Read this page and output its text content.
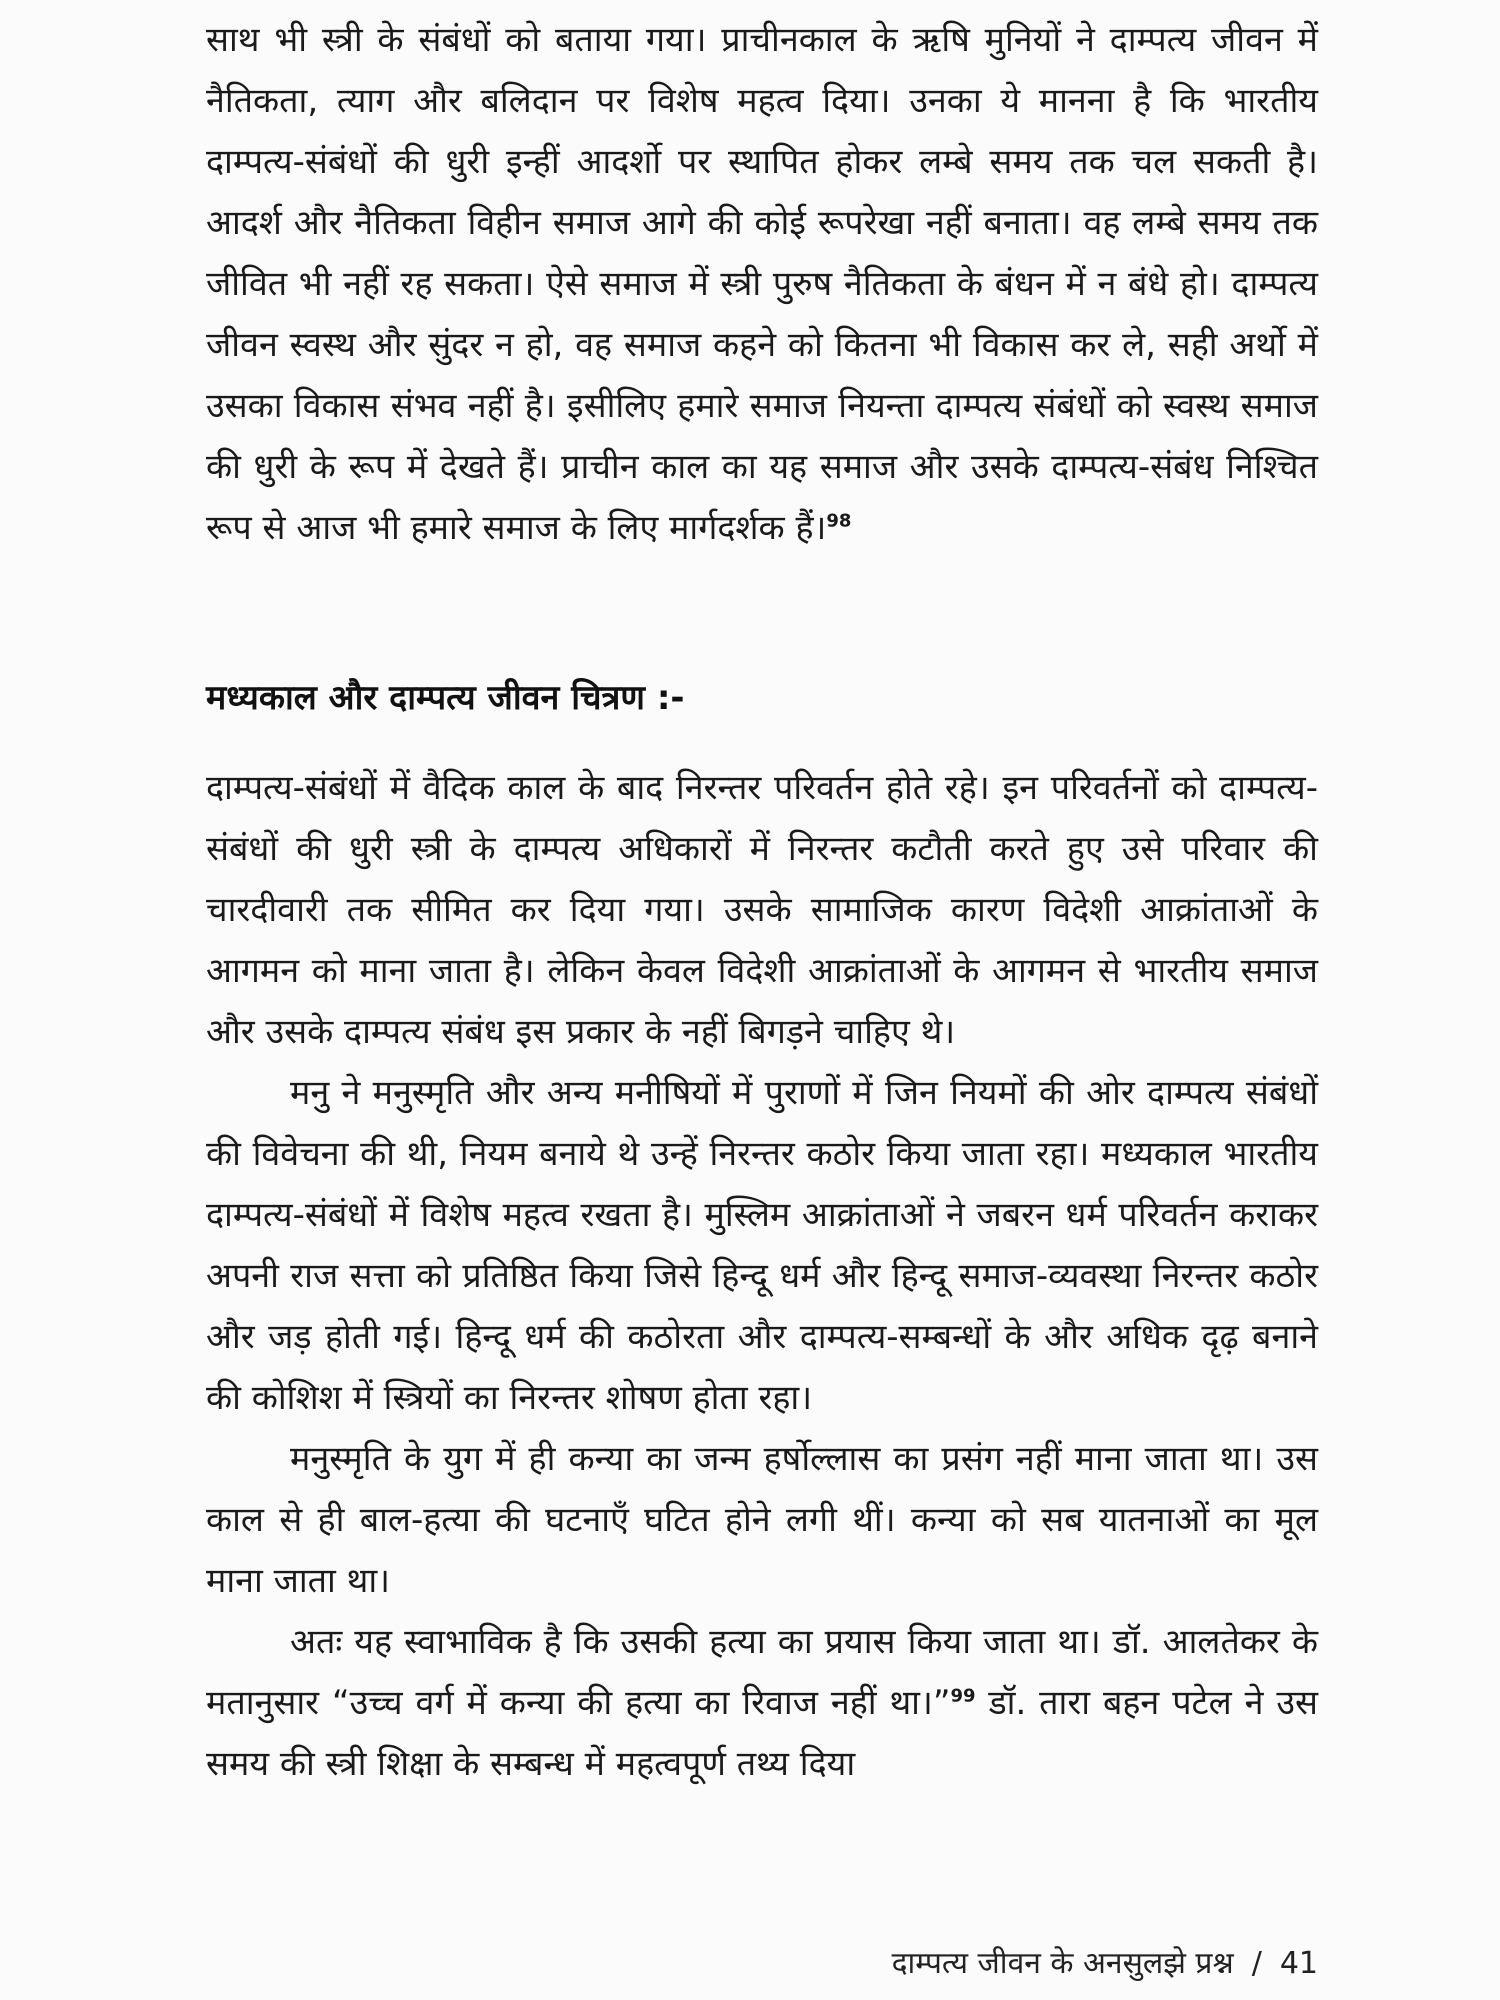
साथ भी स्त्री के संबंधों को बताया गया। प्राचीनकाल के ऋषि मुनियों ने दाम्पत्य जीवन में नैतिकता, त्याग और बलिदान पर विशेष महत्व दिया। उनका ये मानना है कि भारतीय दाम्पत्य-संबंधों की धुरी इन्हीं आदर्शो पर स्थापित होकर लम्बे समय तक चल सकती है। आदर्श और नैतिकता विहीन समाज आगे की कोई रूपरेखा नहीं बनाता। वह लम्बे समय तक जीवित भी नहीं रह सकता। ऐसे समाज में स्त्री पुरुष नैतिकता के बंधन में न बंधे हो। दाम्पत्य जीवन स्वस्थ और सुंदर न हो, वह समाज कहने को कितना भी विकास कर ले, सही अर्थो में उसका विकास संभव नहीं है। इसीलिए हमारे समाज नियन्ता दाम्पत्य संबंधों को स्वस्थ समाज की धुरी के रूप में देखते हैं। प्राचीन काल का यह समाज और उसके दाम्पत्य-संबंध निश्चित रूप से आज भी हमारे समाज के लिए मार्गदर्शक हैं।$^{98}$

मध्यकाल और दाम्पत्य जीवन चित्रण :-

दाम्पत्य-संबंधों में वैदिक काल के बाद निरन्तर परिवर्तन होते रहे। इन परिवर्तनों को दाम्पत्य-संबंधों की धुरी स्त्री के दाम्पत्य अधिकारों में निरन्तर कटौती करते हुए उसे परिवार की चारदीवारी तक सीमित कर दिया गया। उसके सामाजिक कारण विदेशी आक्रांताओं के आगमन को माना जाता है। लेकिन केवल विदेशी आक्रांताओं के आगमन से भारतीय समाज और उसके दाम्पत्य संबंध इस प्रकार के नहीं बिगड़ने चाहिए थे।

मनु ने मनुस्मृति और अन्य मनीषियों में पुराणों में जिन नियमों की ओर दाम्पत्य संबंधों की विवेचना की थी, नियम बनाये थे उन्हें निरन्तर कठोर किया जाता रहा। मध्यकाल भारतीय दाम्पत्य-संबंधों में विशेष महत्व रखता है। मुस्लिम आक्रांताओं ने जबरन धर्म परिवर्तन कराकर अपनी राज सत्ता को प्रतिष्ठित किया जिसे हिन्दू धर्म और हिन्दू समाज-व्यवस्था निरन्तर कठोर और जड़ होती गई। हिन्दू धर्म की कठोरता और दाम्पत्य-सम्बन्धों के और अधिक दृढ़ बनाने की कोशिश में स्त्रियों का निरन्तर शोषण होता रहा।

मनुस्मृति के युग में ही कन्या का जन्म हर्षोल्लास का प्रसंग नहीं माना जाता था। उस काल से ही बाल-हत्या की घटनाएँ घटित होने लगी थीं। कन्या को सब यातनाओं का मूल माना जाता था।

अतः यह स्वाभाविक है कि उसकी हत्या का प्रयास किया जाता था। डॉ. आलतेकर के मतानुसार “उच्च वर्ग में कन्या की हत्या का रिवाज नहीं था।”$^{99}$ डॉ. तारा बहन पटेल ने उस समय की स्त्री शिक्षा के सम्बन्ध में महत्वपूर्ण तथ्य दिया

दाम्पत्य जीवन के अनसुलझे प्रश्न / 41
